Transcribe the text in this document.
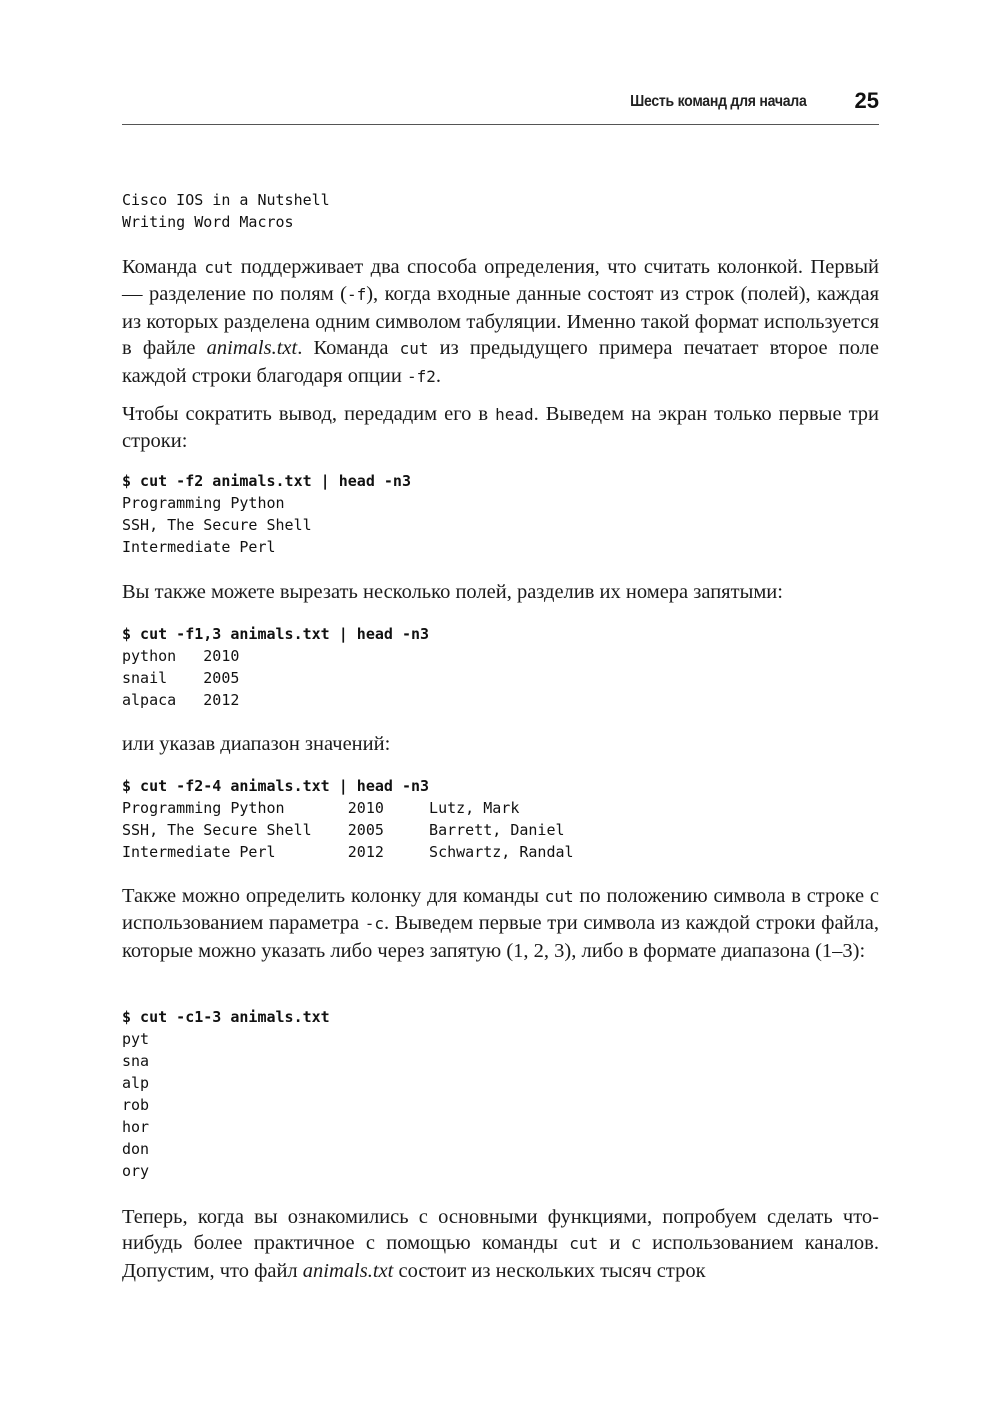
Шесть команд для начала 25
Cisco IOS in a Nutshell
Writing Word Macros

Команда cut поддерживает два способа определения, что считать колонкой. Первый — разделение по полям (-f), когда входные данные состоят из строк (полей), каждая из которых разделена одним символом табуляции. Именно такой формат используется в файле animals.txt. Команда cut из предыдущего примера печатает второе поле каждой строки благодаря опции -f2.

Чтобы сократить вывод, передадим его в head. Выведем на экран только первые три строки:

$ cut -f2 animals.txt | head -n3
Programming Python
SSH, The Secure Shell
Intermediate Perl

Вы также можете вырезать несколько полей, разделив их номера запятыми:

$ cut -f1,3 animals.txt | head -n3
python   2010
snail    2005
alpaca   2012

или указав диапазон значений:

$ cut -f2-4 animals.txt | head -n3
Programming Python       2010     Lutz, Mark
SSH, The Secure Shell    2005     Barrett, Daniel
Intermediate Perl        2012     Schwartz, Randal

Также можно определить колонку для команды cut по положению символа в строке с использованием параметра -c. Выведем первые три символа из каждой строки файла, которые можно указать либо через запятую (1, 2, 3), либо в формате диапазона (1–3):

$ cut -c1-3 animals.txt
pyt
sna
alp
rob
hor
don
ory

Теперь, когда вы ознакомились с основными функциями, попробуем сделать что-нибудь более практичное с помощью команды cut и с использованием каналов. Допустим, что файл animals.txt состоит из нескольких тысяч строк
